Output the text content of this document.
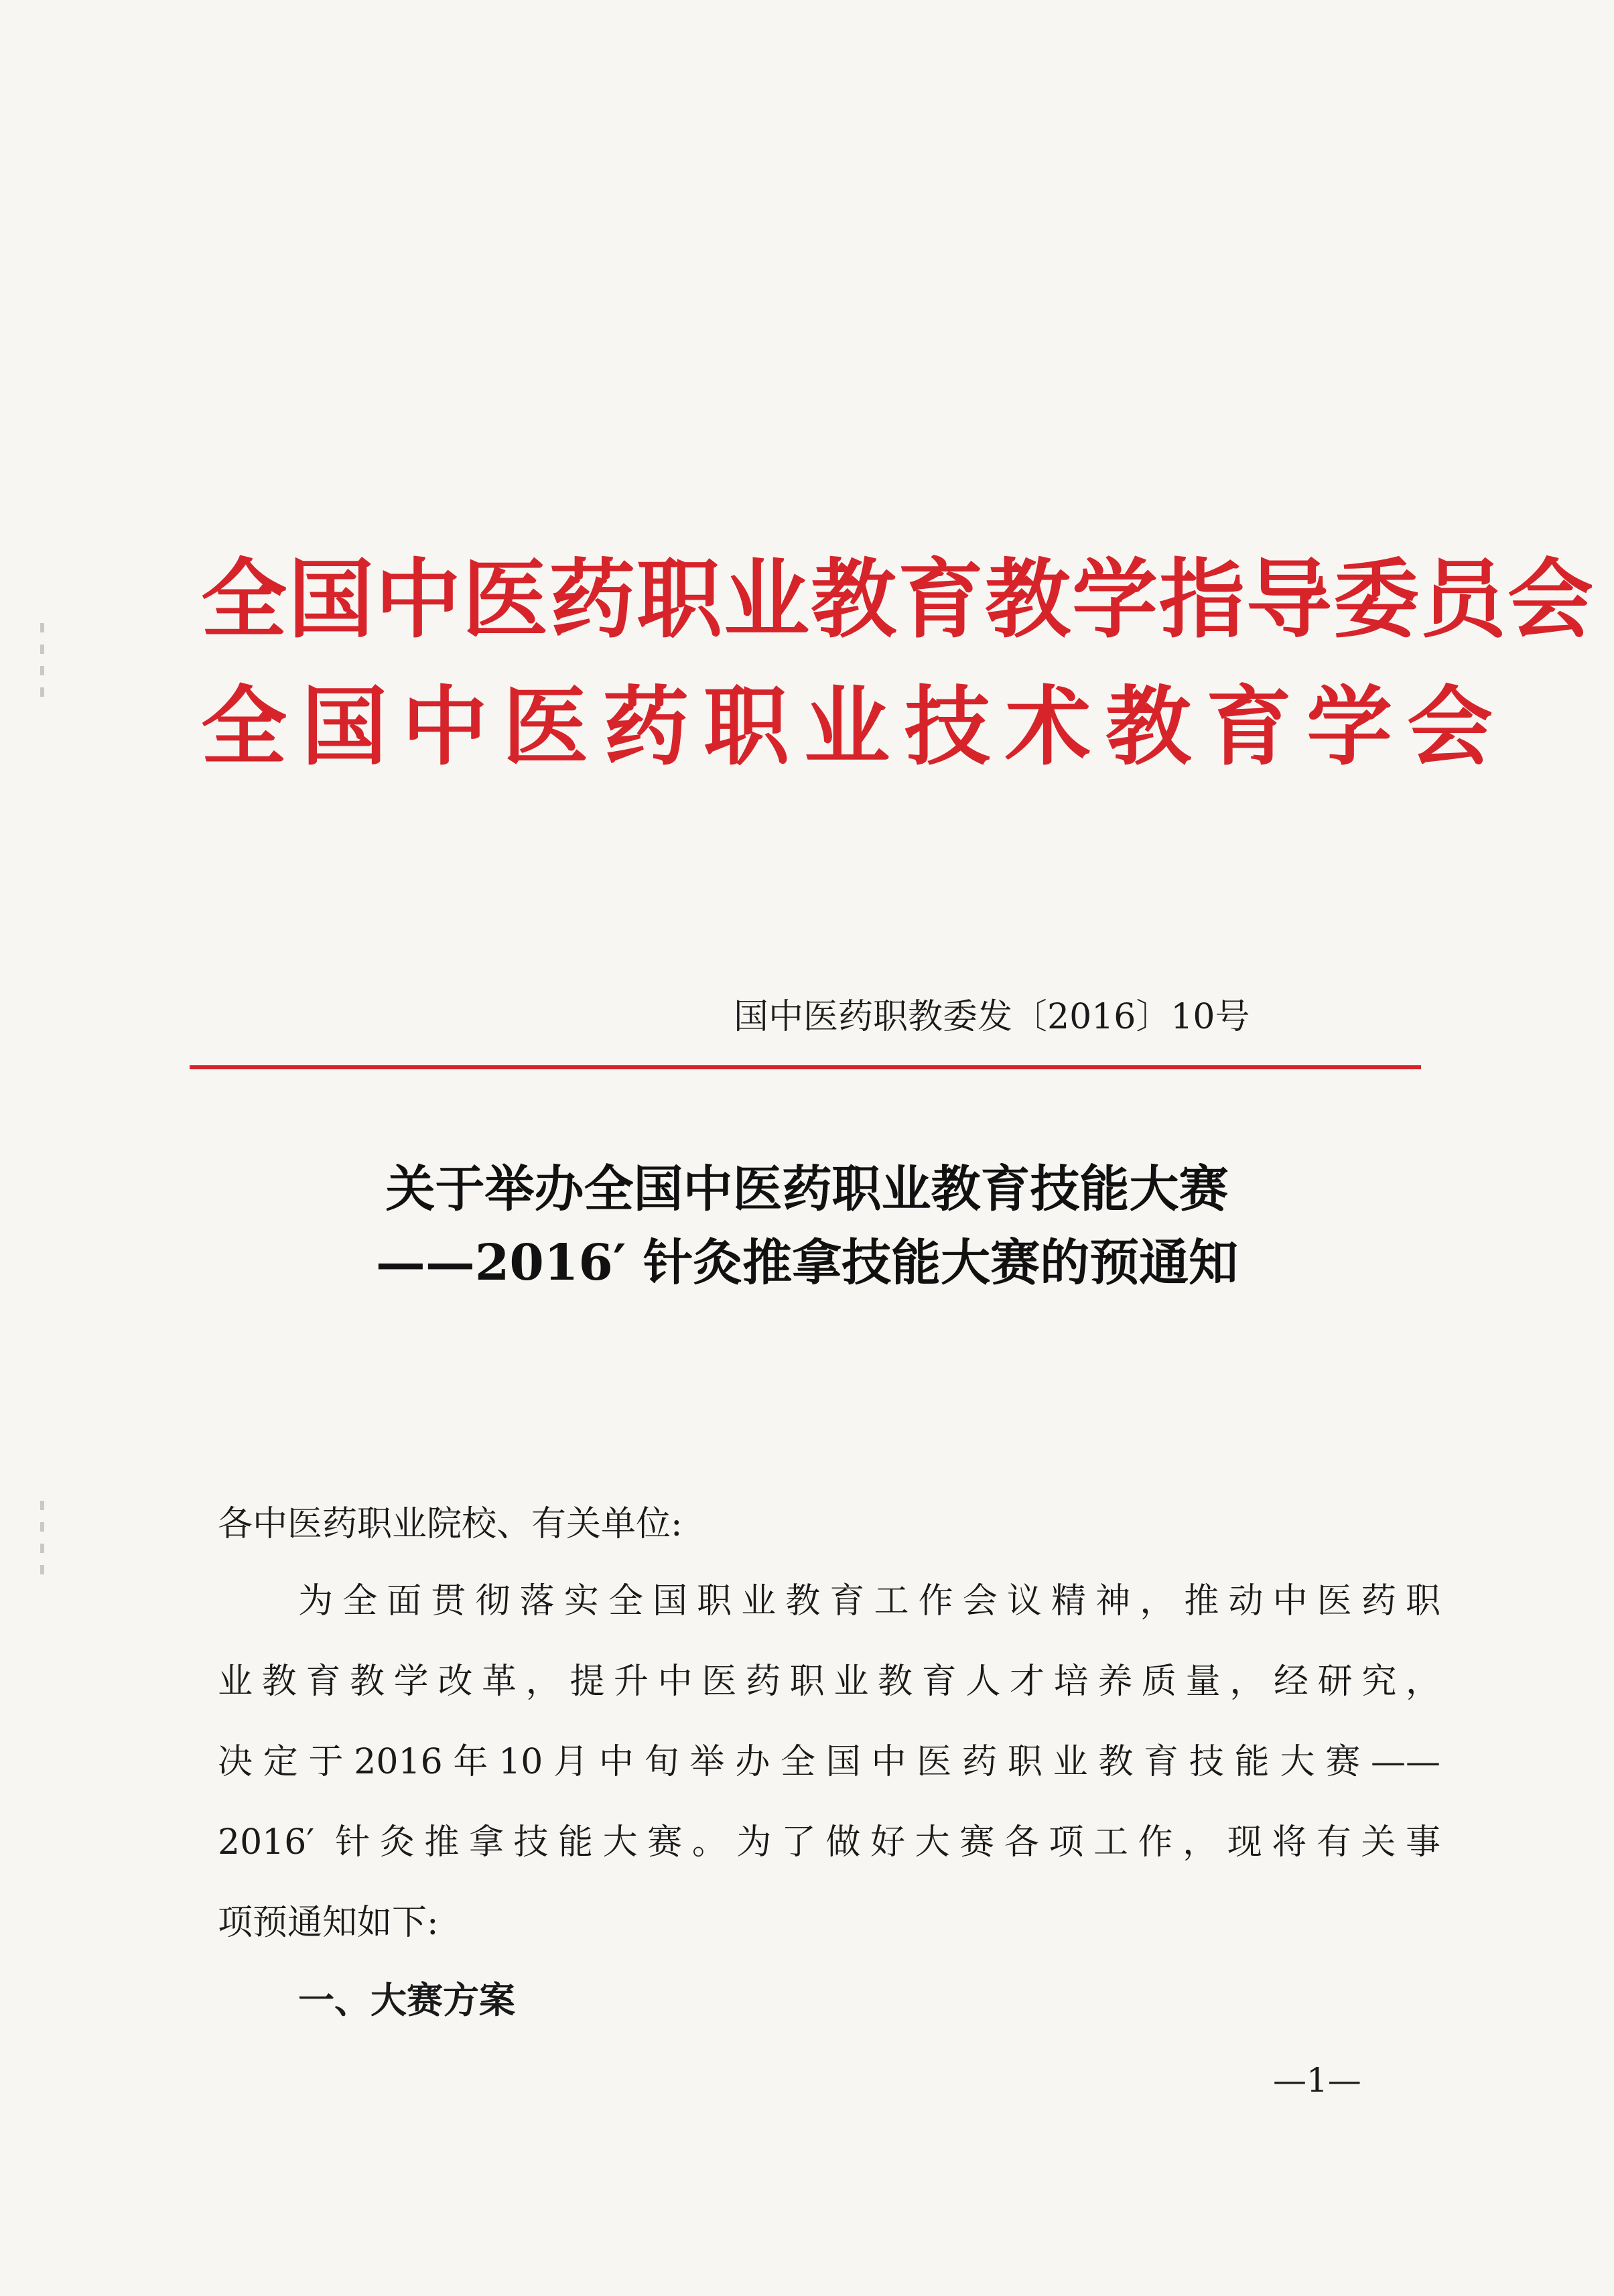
全国中医药职业教育教学指导委员会
全国中医药职业技术教育学会
国中医药职教委发〔2016〕10号
关于举办全国中医药职业教育技能大赛
——2016′ 针灸推拿技能大赛的预通知
各中医药职业院校、有关单位:
为全面贯彻落实全国职业教育工作会议精神，推动中医药职
业教育教学改革，提升中医药职业教育人才培养质量，经研究，
决定于2016年10月中旬举办全国中医药职业教育技能大赛——
2016′ 针灸推拿技能大赛。为了做好大赛各项工作，现将有关事
项预通知如下:
一、大赛方案
—1—
